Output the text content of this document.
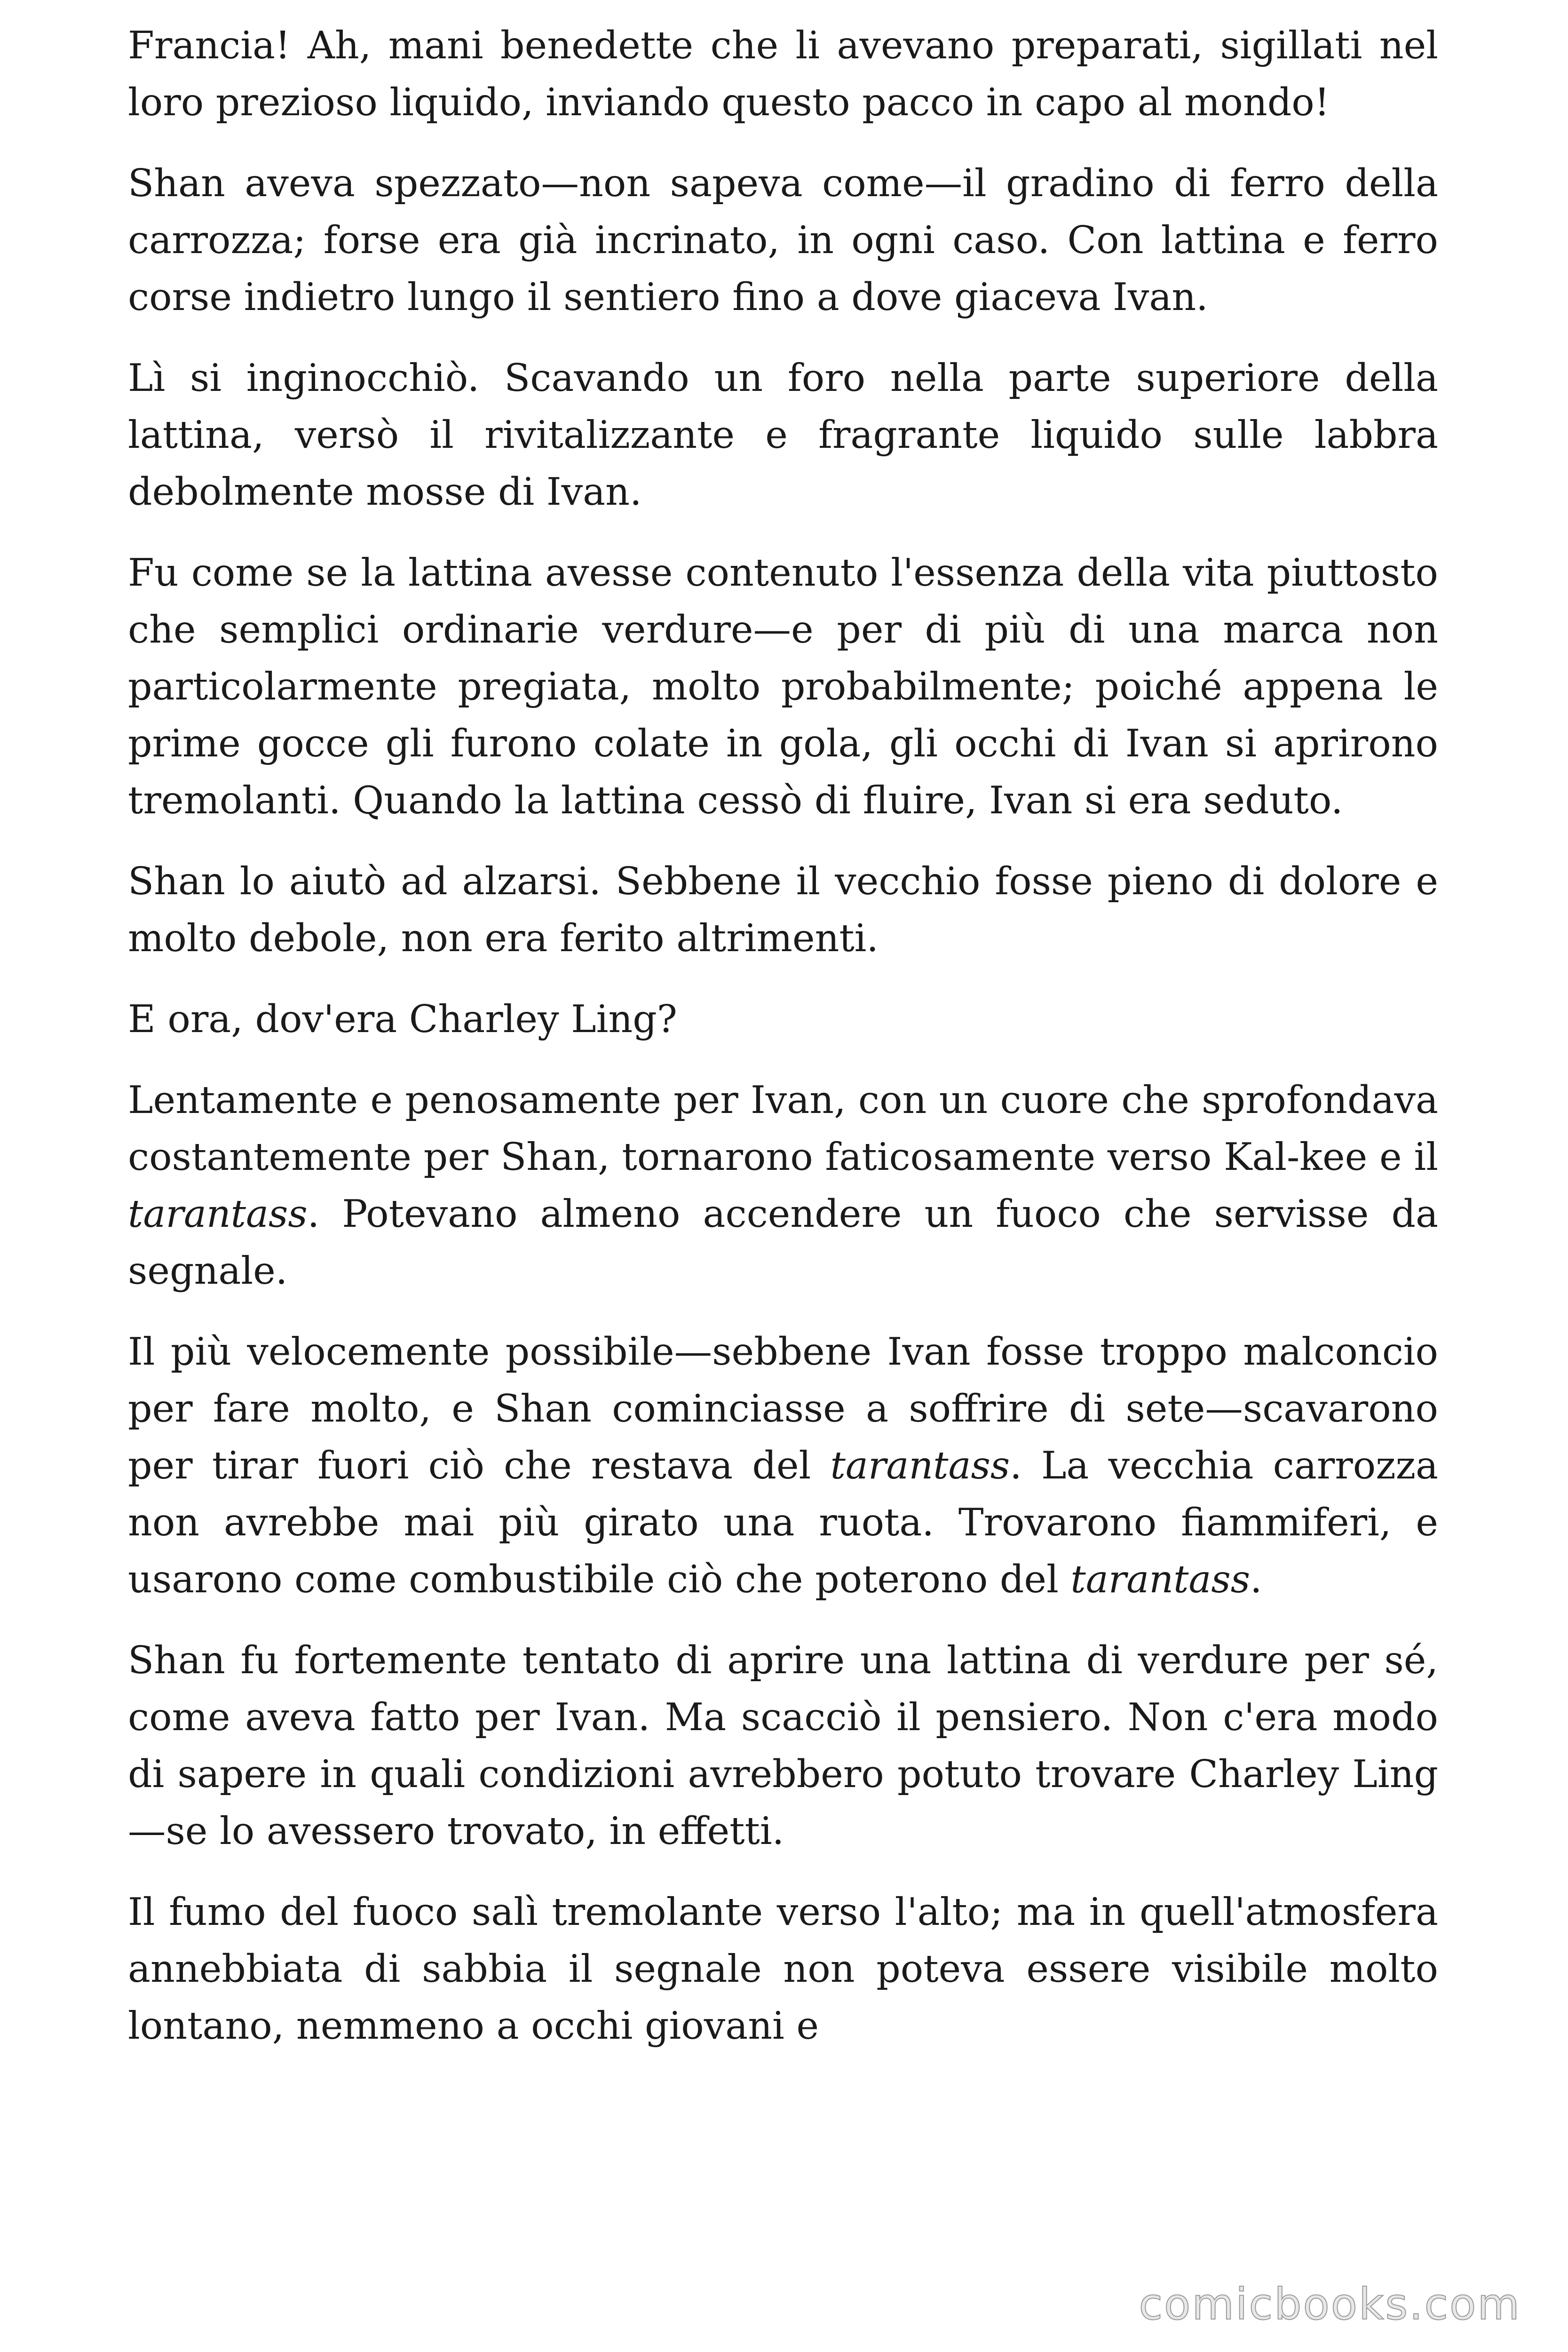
Francia! Ah, mani benedette che li avevano preparati, sigillati nel loro prezioso liquido, inviando questo pacco in capo al mondo!

Shan aveva spezzato—non sapeva come—il gradino di ferro della carrozza; forse era già incrinato, in ogni caso. Con lattina e ferro corse indietro lungo il sentiero fino a dove giaceva Ivan.

Lì si inginocchiò. Scavando un foro nella parte superiore della lattina, versò il rivitalizzante e fragrante liquido sulle labbra debolmente mosse di Ivan.

Fu come se la lattina avesse contenuto l'essenza della vita piuttosto che semplici ordinarie verdure—e per di più di una marca non particolarmente pregiata, molto probabilmente; poiché appena le prime gocce gli furono colate in gola, gli occhi di Ivan si aprirono tremolanti. Quando la lattina cessò di fluire, Ivan si era seduto.

Shan lo aiutò ad alzarsi. Sebbene il vecchio fosse pieno di dolore e molto debole, non era ferito altrimenti.

E ora, dov'era Charley Ling?

Lentamente e penosamente per Ivan, con un cuore che sprofondava costantemente per Shan, tornarono faticosamente verso Kal-kee e il tarantass. Potevano almeno accendere un fuoco che servisse da segnale.

Il più velocemente possibile—sebbene Ivan fosse troppo malconcio per fare molto, e Shan cominciasse a soffrire di sete—scavarono per tirar fuori ciò che restava del tarantass. La vecchia carrozza non avrebbe mai più girato una ruota. Trovarono fiammiferi, e usarono come combustibile ciò che poterono del tarantass.

Shan fu fortemente tentato di aprire una lattina di verdure per sé, come aveva fatto per Ivan. Ma scacciò il pensiero. Non c'era modo di sapere in quali condizioni avrebbero potuto trovare Charley Ling—se lo avessero trovato, in effetti.

Il fumo del fuoco salì tremolante verso l'alto; ma in quell'atmosfera annebbiata di sabbia il segnale non poteva essere visibile molto lontano, nemmeno a occhi giovani e

comicbooks.com
